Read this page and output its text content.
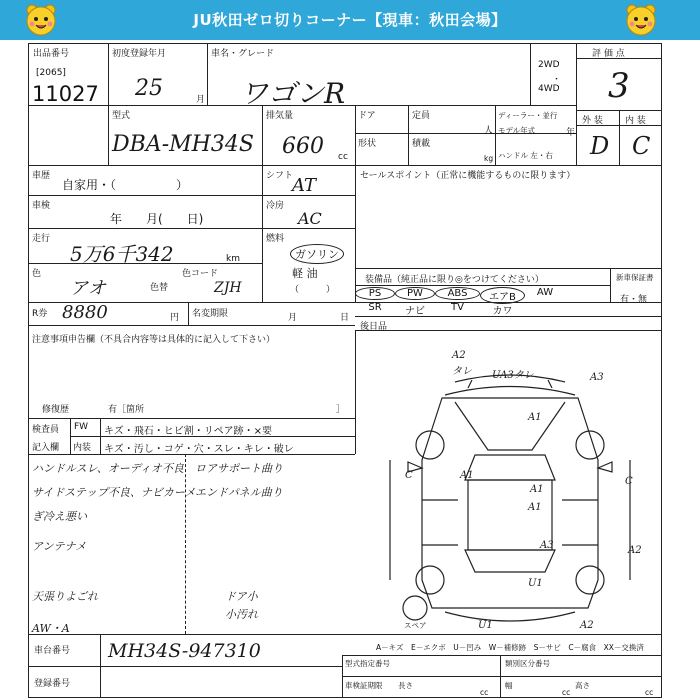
JU秋田ゼロ切りコーナー【現車：秋田会場】
出品番号
[2065]
11027
初度登録年月
25	月
車名・グレード
ワゴンR
2WD
・
4WD
評 価 点
3
外 装 内 装
D C
型式
DBA-MH34S
排気量
660 cc
ドア	定員
人
ディーラー・並行
モデル年式	年
形状	積載
kg ハンドル 左・右
車歴
自家用・（　　　　　）
シフト
AT
車検
年　　月(　　日)
冷房
AC
走行
5万6千342	km
燃料
ガソリン
軽 油
（　　　）
色
アオ	色替
色コード
ZJH
セールスポイント（正常に機能するものに限ります）
装備品（純正品に限り◎をつけてください）	新車保証書
有・無
PS	PW	ABS	エアB	AW
SR	ナビ	TV	カワ
後日品
R券 8880	円 名変期限	月	日
注意事項申告欄（不具合内容等は具体的に記入して下さい）
修復歴	有［箇所	］
検査員
記入欄
FW キズ・飛石・ヒビ割・リペア跡・×要
内装 キズ・汚し・コゲ・穴・スレ・キレ・破レ
ハンドルスレ、オーディオ不良
サイドステップ不良、ナビカーメ
ぎ冷え悪い
アンテナメ
天張りよごれ
AW・A
ロアサポート曲り
エンドパネル曲り
ドア小
小汚れ
車台番号 MH34S-947310
登録番号
型式指定番号	類別区分番号
車検証期限 長さ
cc
幅
cc
高さ
cc
A－キズ　E－エクボ　U－凹み　W－補修跡　S－サビ　C－腐食　XX－交換済
A2
タレ UA3タレ	A3
A1
C	A1
C
A1
A1
U1
U1
A3	A2
A2
スペア
